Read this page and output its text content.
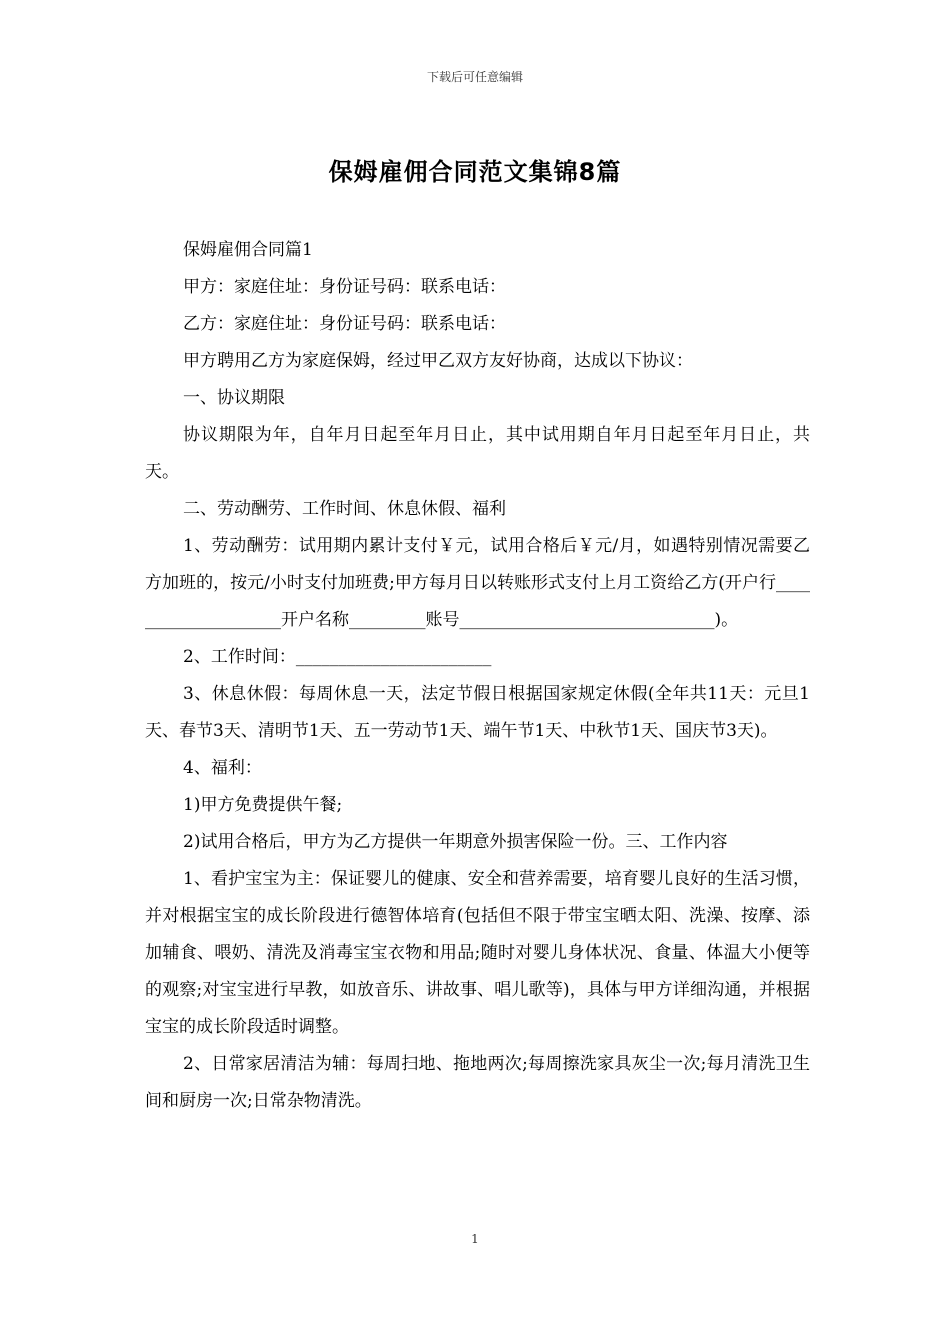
下载后可任意编辑
保姆雇佣合同范文集锦8篇

保姆雇佣合同篇1

甲方：家庭住址：身份证号码：联系电话：

乙方：家庭住址：身份证号码：联系电话：

甲方聘用乙方为家庭保姆，经过甲乙双方友好协商，达成以下协议：

一、协议期限

协议期限为年，自年月日起至年月日止，其中试用期自年月日起至年月日止，共天。

二、劳动酬劳、工作时间、休息休假、福利

1、劳动酬劳：试用期内累计支付￥元，试用合格后￥元/月，如遇特别情况需要乙方加班的，按元/小时支付加班费;甲方每月日以转账形式支付上月工资给乙方(开户行____________________开户名称_________账号______________________________)。

2、工作时间：_______________________

3、休息休假：每周休息一天，法定节假日根据国家规定休假(全年共11天：元旦1天、春节3天、清明节1天、五一劳动节1天、端午节1天、中秋节1天、国庆节3天)。

4、福利：

1)甲方免费提供午餐;

2)试用合格后，甲方为乙方提供一年期意外损害保险一份。三、工作内容

1、看护宝宝为主：保证婴儿的健康、安全和营养需要，培育婴儿良好的生活习惯，并对根据宝宝的成长阶段进行德智体培育(包括但不限于带宝宝晒太阳、洗澡、按摩、添加辅食、喂奶、清洗及消毒宝宝衣物和用品;随时对婴儿身体状况、食量、体温大小便等的观察;对宝宝进行早教，如放音乐、讲故事、唱儿歌等)，具体与甲方详细沟通，并根据宝宝的成长阶段适时调整。

2、日常家居清洁为辅：每周扫地、拖地两次;每周擦洗家具灰尘一次;每月清洗卫生间和厨房一次;日常杂物清洗。

1
